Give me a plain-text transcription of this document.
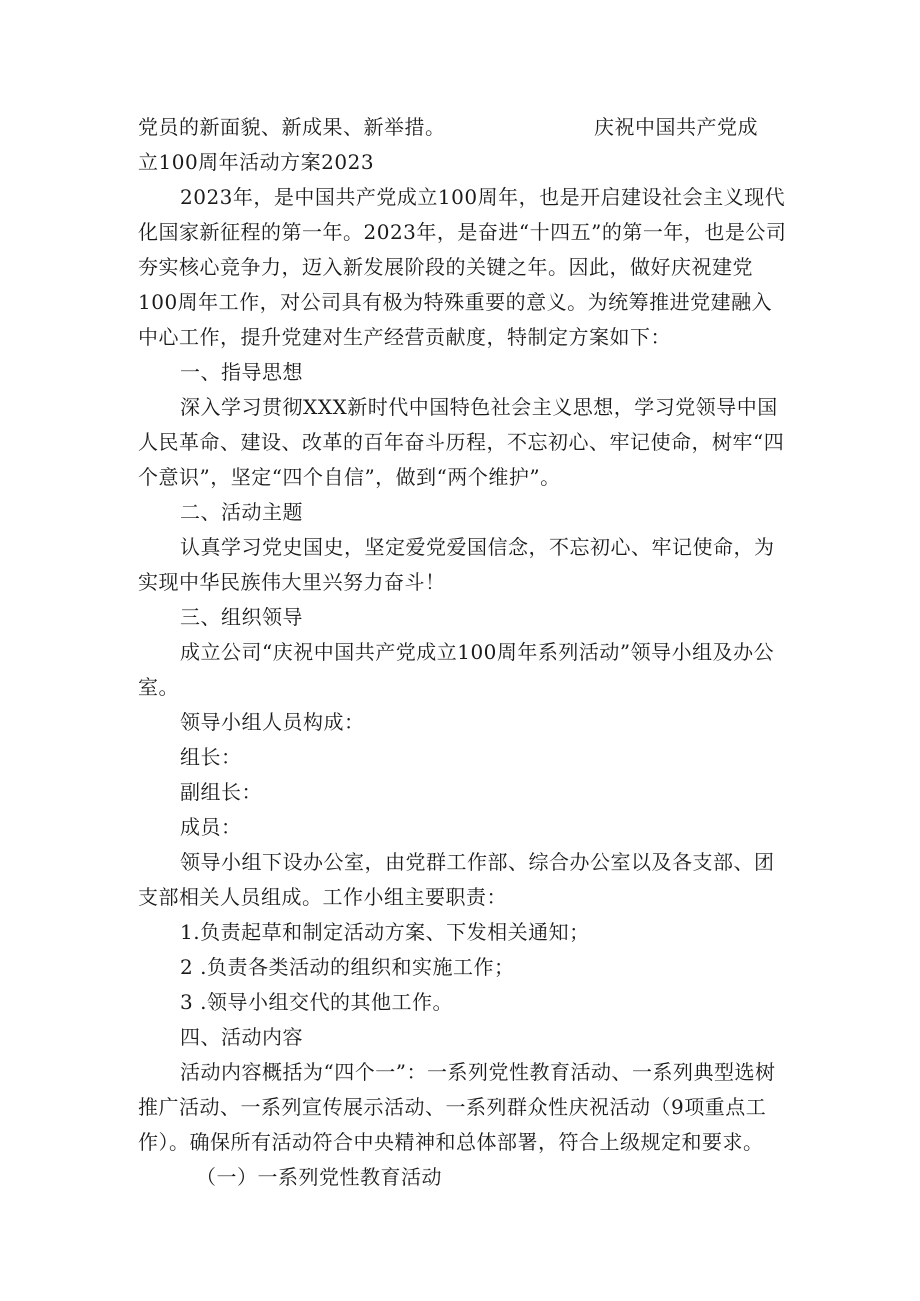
党员的新面貌、新成果、新举措。	庆祝中国共产党成

立100周年活动方案2023

2023年，是中国共产党成立100周年，也是开启建设社会主义现代化国家新征程的第一年。2023年，是奋进“十四五”的第一年，也是公司夯实核心竞争力，迈入新发展阶段的关键之年。因此，做好庆祝建党100周年工作，对公司具有极为特殊重要的意义。为统筹推进党建融入中心工作，提升党建对生产经营贡献度，特制定方案如下：

一、指导思想

深入学习贯彻XXX新时代中国特色社会主义思想，学习党领导中国人民革命、建设、改革的百年奋斗历程，不忘初心、牢记使命，树牢“四个意识”，坚定“四个自信”，做到“两个维护”。

二、活动主题

认真学习党史国史，坚定爱党爱国信念，不忘初心、牢记使命，为实现中华民族伟大里兴努力奋斗！

三、组织领导

成立公司“庆祝中国共产党成立100周年系列活动”领导小组及办公室。

领导小组人员构成：

组长：

副组长：

成员：

领导小组下设办公室，由党群工作部、综合办公室以及各支部、团支部相关人员组成。工作小组主要职责：

1.负责起草和制定活动方案、下发相关通知；

2 .负责各类活动的组织和实施工作；

3 .领导小组交代的其他工作。

四、活动内容

活动内容概括为“四个一”：一系列党性教育活动、一系列典型选树推广活动、一系列宣传展示活动、一系列群众性庆祝活动（9项重点工作）。确保所有活动符合中央精神和总体部署，符合上级规定和要求。

（一）一系列党性教育活动
